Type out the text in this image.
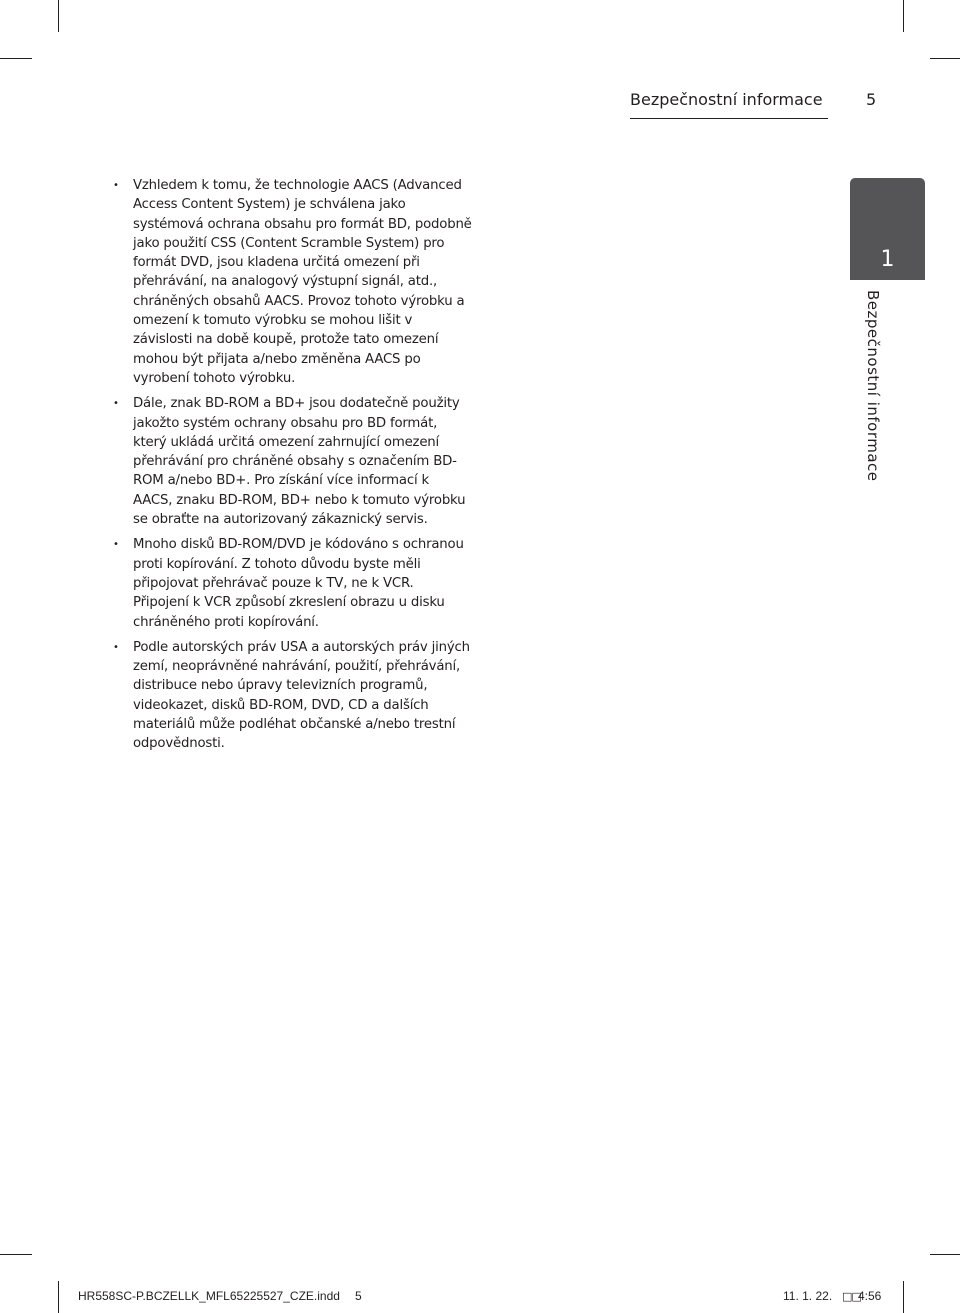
Bezpečnostní informace	5
1
Bezpečnostní informace
• Vzhledem k tomu, že technologie AACS (Advanced Access Content System) je schválena jako systémová ochrana obsahu pro formát BD, podobně jako použití CSS (Content Scramble System) pro formát DVD, jsou kladena určitá omezení při přehrávání, na analogový výstupní signál, atd., chráněných obsahů AACS. Provoz tohoto výrobku a omezení k tomuto výrobku se mohou lišit v závislosti na době koupě, protože tato omezení mohou být přijata a/nebo změněna AACS po vyrobení tohoto výrobku.
• Dále, znak BD-ROM a BD+ jsou dodatečně použity jakožto systém ochrany obsahu pro BD formát, který ukládá určitá omezení zahrnující omezení přehrávání pro chráněné obsahy s označením BD-ROM a/nebo BD+. Pro získání více informací k AACS, znaku BD-ROM, BD+ nebo k tomuto výrobku se obraťte na autorizovaný zákaznický servis.
• Mnoho disků BD-ROM/DVD je kódováno s ochranou proti kopírování. Z tohoto důvodu byste měli připojovat přehrávač pouze k TV, ne k VCR. Připojení k VCR způsobí zkreslení obrazu u disku chráněného proti kopírování.
• Podle autorských práv USA a autorských práv jiných zemí, neoprávněné nahrávání, použití, přehrávání, distribuce nebo úpravy televizních programů, videokazet, disků BD-ROM, DVD, CD a dalších materiálů může podléhat občanské a/nebo trestní odpovědnosti.
HR558SC-P.BCZELLK_MFL65225527_CZE.indd 5	11. 1. 22. □□
4:56
